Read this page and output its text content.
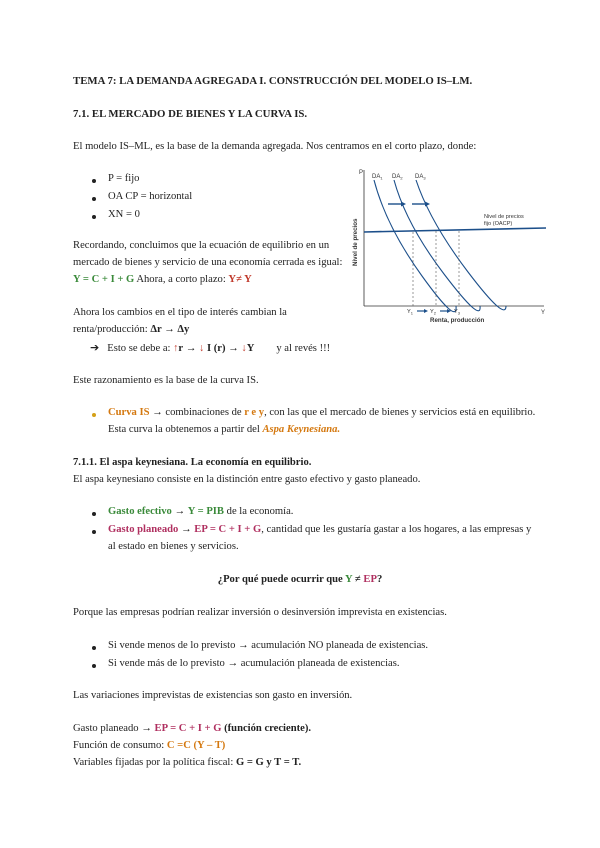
TEMA 7: LA DEMANDA AGREGADA I. CONSTRUCCIÓN DEL MODELO IS–LM.
7.1. EL MERCADO DE BIENES Y LA CURVA IS.
El modelo IS–ML, es la base de la demanda agregada. Nos centramos en el corto plazo, donde:
P = fijo
OA CP = horizontal
XN = 0
Recordando, concluimos que la ecuación de equilibrio en un
mercado de bienes y servicio de una economía cerrada es igual:
Y = C + I + G Ahora, a corto plazo: Y≠ Y
Ahora los cambios en el tipo de interés cambian la
renta/producción: Δr → Δy
➔ Esto se debe a: ↑r → ↓ I (r) → ↓Y y al revés !!!
Este razonamiento es la base de la curva IS.
Curva IS → combinaciones de r e y, con las que el mercado de bienes y servicios está en equilibrio.
Esta curva la obtenemos a partir del Aspa Keynesiana.
7.1.1. El aspa keynesiana. La economía en equilibrio.
El aspa keynesiano consiste en la distinción entre gasto efectivo y gasto planeado.
Gasto efectivo → Y = PIB de la economía.
Gasto planeado → EP = C + I + G, cantidad que les gustaría gastar a los hogares, a las empresas y
al estado en bienes y servicios.
¿Por qué puede ocurrir que Y ≠ EP?
Porque las empresas podrían realizar inversión o desinversión imprevista en existencias.
Si vende menos de lo previsto → acumulación NO planeada de existencias.
Si vende más de lo previsto → acumulación planeada de existencias.
Las variaciones imprevistas de existencias son gasto en inversión.
Gasto planeado → EP = C + I + G (función creciente).
Función de consumo: C =C (Y – T)
Variables fijadas por la política fiscal: G = G y T = T.
P
Y
Nivel de precios
Renta, producción
$DA_1$ $DA_2$ $DA_3$
Nivel de precios
fijo (OACP)
$Y_1$	$Y_2$	$Y_3$
